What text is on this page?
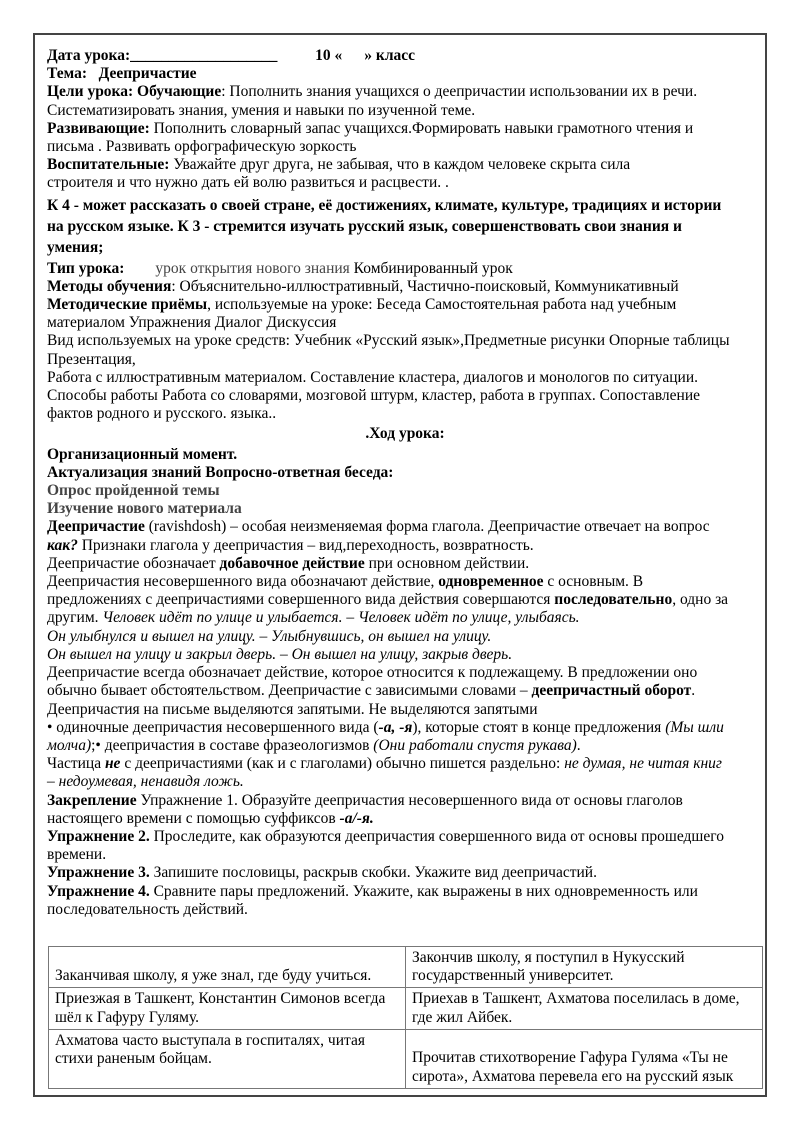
Дата урока:___________________ 10 « » класс

Тема: Деепричастие

Цели урока: Обучающие: Пополнить знания учащихся о деепричастии использовании их в речи.

Систематизировать знания, умения и навыки по изученной теме.

Развивающие: Пополнить словарный запас учащихся.Формировать навыки грамотного чтения и

письма . Развивать орфографическую зоркость

Воспитательные: Уважайте друг друга, не забывая, что в каждом человеке скрыта сила

строителя и что нужно дать ей волю развиться и расцвести. .

К 4 - может рассказать о своей стране, её достижениях, климате, культуре, традициях и истории

на русском языке. К 3 - стремится изучать русский язык, совершенствовать свои знания и

умения;

Тип урока:        урок открытия нового знания Комбинированный урок

Методы обучения: Объяснительно-иллюстративный, Частично-поисковый, Коммуникативный

Методические приёмы, используемые на уроке: Беседа Самостоятельная работа над учебным

материалом Упражнения Диалог Дискуссия

Вид используемых на уроке средств: Учебник «Русский язык»,Предметные рисунки Опорные таблицы

Презентация,

Работа с иллюстративным материалом. Составление кластера, диалогов и монологов по ситуации.

Способы работы Работа со словарями, мозговой штурм, кластер, работа в группах. Сопоставление

фактов родного и русского. языка..

.Ход урока:

Организационный момент.

Актуализация знаний Вопросно-ответная беседа:

Опрос пройденной темы

Изучение нового материала

Деепричастие (ravishdosh) – особая неизменяемая форма глагола. Деепричастие отвечает на вопрос

как? Признаки глагола у деепричастия – вид,переходность, возвратность.

Деепричастие обозначает добавочное действие при основном действии.

Деепричастия несовершенного вида обозначают действие, одновременное с основным. В

предложениях с деепричастиями совершенного вида действия совершаются последовательно, одно за

другим. Человек идёт по улице и улыбается. – Человек идёт по улице, улыбаясь.

Он улыбнулся и вышел на улицу. – Улыбнувшись, он вышел на улицу.

Он вышел на улицу и закрыл дверь. – Он вышел на улицу, закрыв дверь.

Деепричастие всегда обозначает действие, которое относится к подлежащему. В предложении оно

обычно бывает обстоятельством. Деепричастие с зависимыми словами – деепричастный оборот.

Деепричастия на письме выделяются запятыми. Не выделяются запятыми

• одиночные деепричастия несовершенного вида (-а, -я), которые стоят в конце предложения (Мы шли

молча);• деепричастия в составе фразеологизмов (Они работали спустя рукава).

Частица не с деепричастиями (как и с глаголами) обычно пишется раздельно: не думая, не читая книг

– недоумевая, ненавидя ложь.

Закрепление Упражнение 1. Образуйте деепричастия несовершенного вида от основы глаголов

настоящего времени с помощью суффиксов -а/-я.

Упражнение 2. Проследите, как образуются деепричастия совершенного вида от основы прошедшего

времени.

Упражнение 3. Запишите пословицы, раскрыв скобки. Укажите вид деепричастий.

Упражнение 4. Сравните пары предложений. Укажите, как выражены в них одновременность или

последовательность действий.

Заканчивая школу, я уже знал, где буду учиться.	Закончив школу, я поступил в Нукусский государственный университет.
Приезжая в Ташкент, Константин Симонов всегда шёл к Гафуру Гуляму.	Приехав в Ташкент, Ахматова поселилась в доме, где жил Айбек.
Ахматова часто выступала в госпиталях, читая стихи раненым бойцам.	Прочитав стихотворение Гафура Гуляма «Ты не сирота», Ахматова перевела его на русский язык
